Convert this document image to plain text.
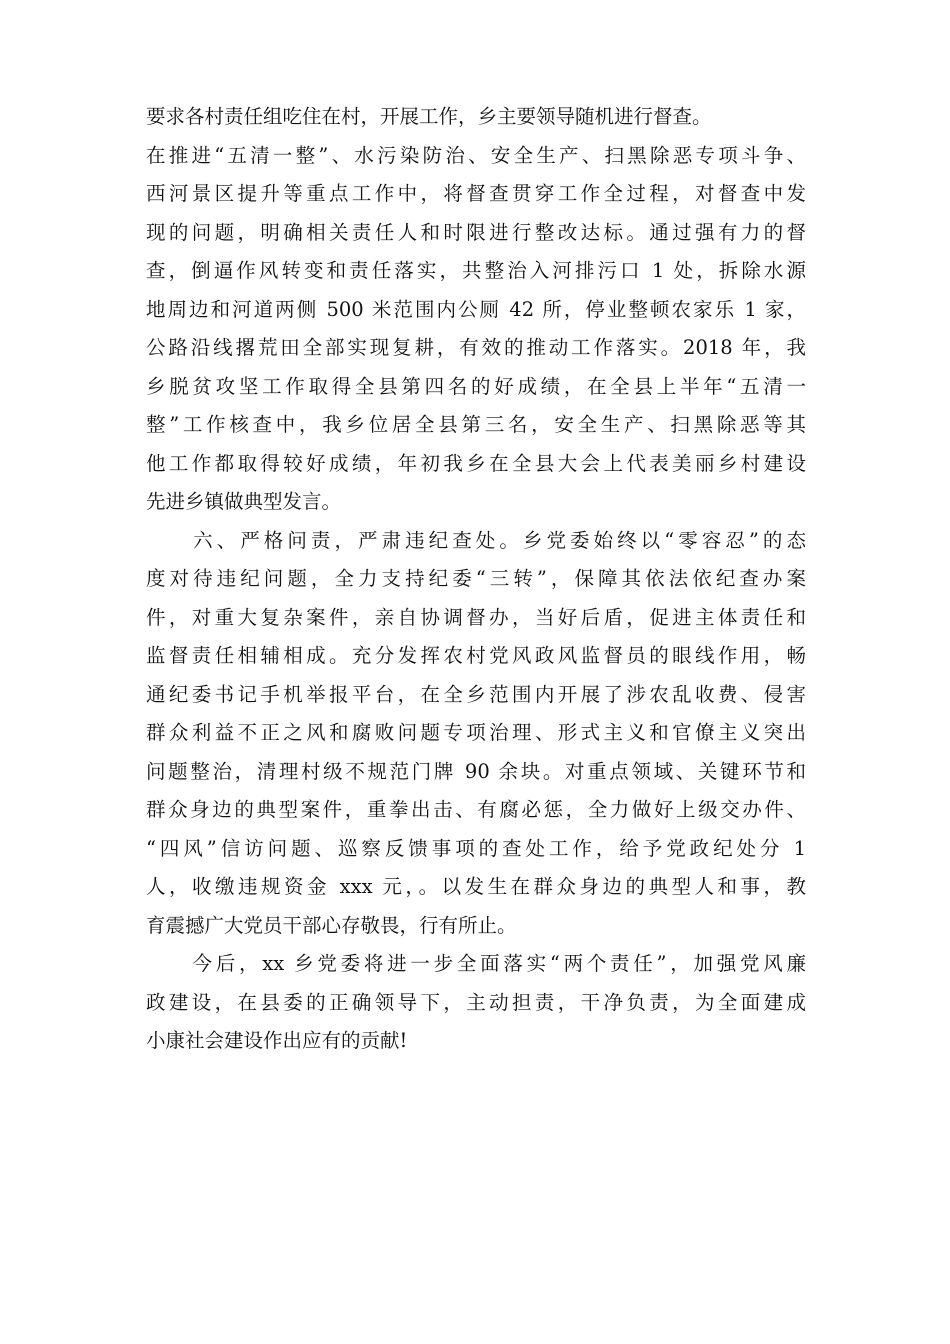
要求各村责任组吃住在村，开展工作，乡主要领导随机进行督查。
在推进“五清一整”、水污染防治、安全生产、扫黑除恶专项斗争、
西河景区提升等重点工作中，将督查贯穿工作全过程，对督查中发
现的问题，明确相关责任人和时限进行整改达标。通过强有力的督
查，倒逼作风转变和责任落实，共整治入河排污口 1 处，拆除水源
地周边和河道两侧 500 米范围内公厕 42 所，停业整顿农家乐 1 家，
公路沿线撂荒田全部实现复耕，有效的推动工作落实。2018 年，我
乡脱贫攻坚工作取得全县第四名的好成绩，在全县上半年“五清一
整”工作核查中，我乡位居全县第三名，安全生产、扫黑除恶等其
他工作都取得较好成绩，年初我乡在全县大会上代表美丽乡村建设
先进乡镇做典型发言。
　　六、严格问责，严肃违纪查处。乡党委始终以“零容忍”的态
度对待违纪问题，全力支持纪委“三转”，保障其依法依纪查办案
件，对重大复杂案件，亲自协调督办，当好后盾，促进主体责任和
监督责任相辅相成。充分发挥农村党风政风监督员的眼线作用，畅
通纪委书记手机举报平台，在全乡范围内开展了涉农乱收费、侵害
群众利益不正之风和腐败问题专项治理、形式主义和官僚主义突出
问题整治，清理村级不规范门牌 90 余块。对重点领域、关键环节和
群众身边的典型案件，重拳出击、有腐必惩，全力做好上级交办件、
“四风”信访问题、巡察反馈事项的查处工作，给予党政纪处分 1
人，收缴违规资金 xxx 元，。以发生在群众身边的典型人和事，教
育震撼广大党员干部心存敬畏，行有所止。
　　今后，xx 乡党委将进一步全面落实“两个责任”，加强党风廉
政建设，在县委的正确领导下，主动担责，干净负责，为全面建成
小康社会建设作出应有的贡献!
